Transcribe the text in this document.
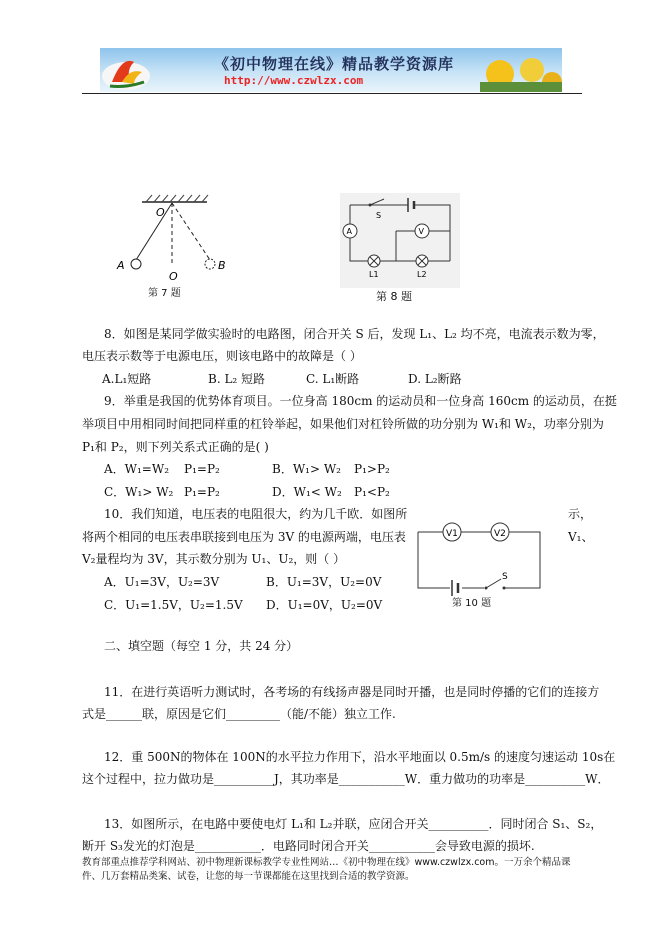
《初中物理在线》精品教学资源库
http://www.czwlzx.com
O
A
O
B
第 7 题
S
A	V
L1	L2
第 8 题
8．如图是某同学做实验时的电路图，闭合开关 S 后，发现 L₁、L₂ 均不亮，电流表示数为零，
电压表示数等于电源电压，则该电路中的故障是（ ）
A.L₁短路	B. L₂ 短路	C. L₁断路	D. L₂断路
9．举重是我国的优势体育项目。一位身高 180cm 的运动员和一位身高 160cm 的运动员，在挺
举项目中用相同时间把同样重的杠铃举起，如果他们对杠铃所做的功分别为 W₁和 W₂，功率分别为
P₁和 P₂，则下列关系式正确的是( )
A．W₁=W₂ P₁=P₂	B．W₁> W₂ P₁>P₂
C．W₁> W₂ P₁=P₂	D．W₁< W₂ P₁<P₂
10．我们知道，电压表的电阻很大，约为几千欧．如图所	示，
将两个相同的电压表串联接到电压为 3V 的电源两端，电压表	V₁、
V₂量程均为 3V，其示数分别为 U₁、U₂，则（ ）
A．U₁=3V，U₂=3V	B．U₁=3V，U₂=0V
C．U₁=1.5V，U₂=1.5V D．U₁=0V，U₂=0V
V1	V2
S
第 10 题
二、填空题（每空 1 分，共 24 分）
11．在进行英语听力测试时，各考场的有线扬声器是同时开播，也是同时停播的它们的连接方
式是______联，原因是它们_________（能/不能）独立工作.
12．重 500N的物体在 100N的水平拉力作用下，沿水平地面以 0.5m/s 的速度匀速运动 10s在
这个过程中，拉力做功是__________J，其功率是___________W．重力做功的功率是__________W．
13．如图所示，在电路中要使电灯 L₁和 L₂并联，应闭合开关__________．同时闭合 S₁、S₂，
断开 S₃发光的灯泡是___________．电路同时闭合开关___________会导致电源的损坏.
教育部重点推荐学科网站、初中物理新课标教学专业性网站…《初中物理在线》www.czwlzx.com。一万余个精品课
件、几万套精品类案、试卷，让您的每一节课都能在这里找到合适的教学资源。
